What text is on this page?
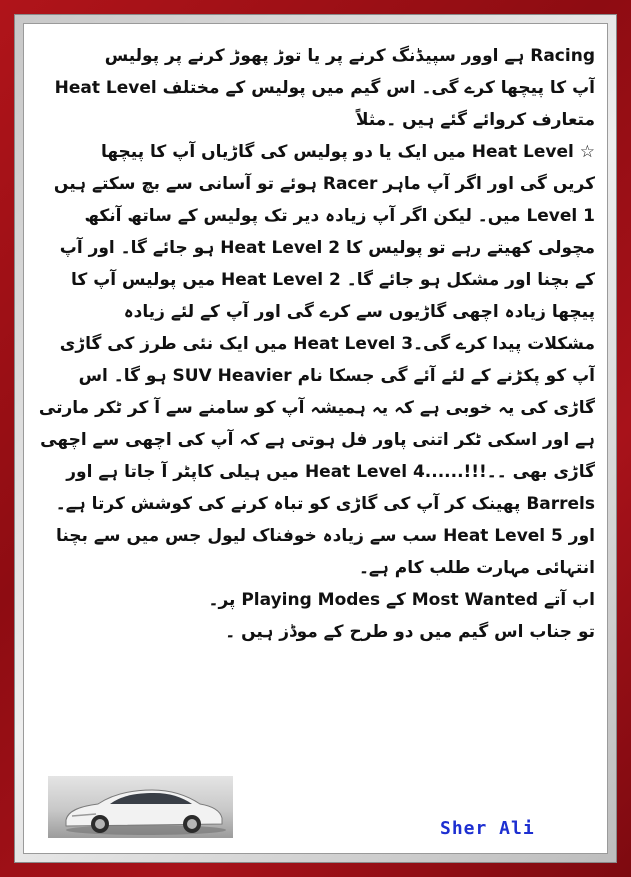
Racing ہے اوور سپیڈنگ کرنے پر یا توڑ پھوڑ کرنے پر پولیس
آپ کا پیچھا کرے گی۔ اس گیم میں پولیس کے مختلف Heat Level
متعارف کروائے گئے ہیں ۔مثلاً
☆ Heat Level میں ایک یا دو پولیس کی گاڑیاں آپ کا پیچھا
کریں گی اور اگر آپ ماہر Racer ہوئے تو آسانی سے بچ سکتے ہیں
Level 1 میں۔ لیکن اگر آپ زیادہ دیر تک پولیس کے ساتھ آنکھ
مچولی کھیتے رہے تو پولیس کا Heat Level 2 ہو جائے گا۔ اور آپ
کے بچنا اور مشکل ہو جائے گا۔ Heat Level 2 میں پولیس آپ کا
پیچھا زیادہ اچھی گاڑیوں سے کرے گی اور آپ کے لئے زیادہ
مشکلات پیدا کرے گی۔Heat Level 3 میں ایک نئی طرز کی گاڑی
آپ کو پکڑنے کے لئے آئے گی جسکا نام SUV Heavier ہو گا۔ اس
گاڑی کی یہ خوبی ہے کہ یہ ہمیشہ آپ کو سامنے سے آ کر ٹکر مارتی
ہے اور اسکی ٹکر اتنی پاور فل ہوتی ہے کہ آپ کی اچھی سے اچھی
گاڑی بھی ۔۔!!!......Heat Level 4 میں ہیلی کاپٹر آ جاتا ہے اور
Barrels پھینک کر آپ کی گاڑی کو تباہ کرنے کی کوشش کرتا ہے۔
اور Heat Level 5 سب سے زیادہ خوفناک لیول جس میں سے بچنا
انتہائی مہارت طلب کام ہے۔
اب آتے Most Wanted کے Playing Modes پر۔
تو جناب اس گیم میں دو طرح کے موڈز ہیں ۔
Sher Ali
